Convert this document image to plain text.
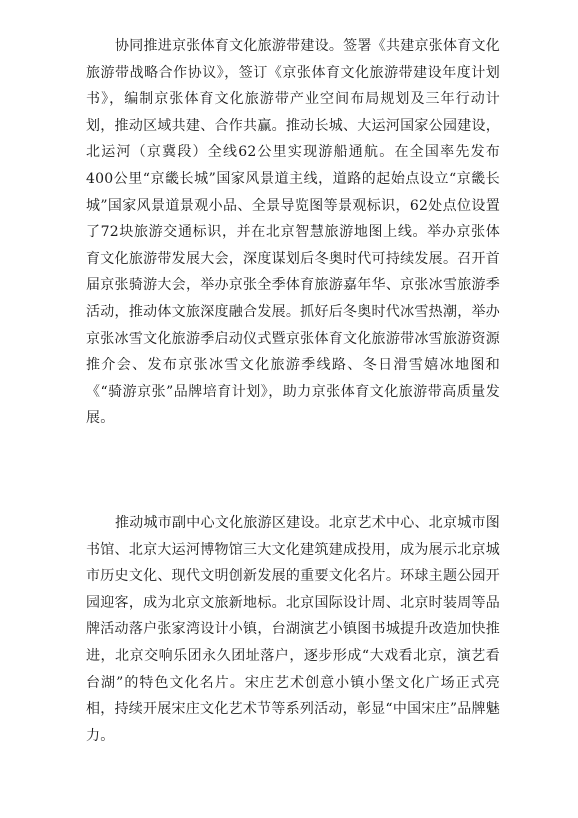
协同推进京张体育文化旅游带建设。签署《共建京张体育文化旅游带战略合作协议》，签订《京张体育文化旅游带建设年度计划书》，编制京张体育文化旅游带产业空间布局规划及三年行动计划，推动区域共建、合作共赢。推动长城、大运河国家公园建设，北运河（京冀段）全线62公里实现游船通航。在全国率先发布400公里“京畿长城”国家风景道主线，道路的起始点设立“京畿长城”国家风景道景观小品、全景导览图等景观标识，62处点位设置了72块旅游交通标识，并在北京智慧旅游地图上线。举办京张体育文化旅游带发展大会，深度谋划后冬奥时代可持续发展。召开首届京张骑游大会，举办京张全季体育旅游嘉年华、京张冰雪旅游季活动，推动体文旅深度融合发展。抓好后冬奥时代冰雪热潮，举办京张冰雪文化旅游季启动仪式暨京张体育文化旅游带冰雪旅游资源推介会、发布京张冰雪文化旅游季线路、冬日滑雪嬉冰地图和《“骑游京张”品牌培育计划》，助力京张体育文化旅游带高质量发展。

推动城市副中心文化旅游区建设。北京艺术中心、北京城市图书馆、北京大运河博物馆三大文化建筑建成投用，成为展示北京城市历史文化、现代文明创新发展的重要文化名片。环球主题公园开园迎客，成为北京文旅新地标。北京国际设计周、北京时装周等品牌活动落户张家湾设计小镇，台湖演艺小镇图书城提升改造加快推进，北京交响乐团永久团址落户，逐步形成“大戏看北京，演艺看台湖”的特色文化名片。宋庄艺术创意小镇小堡文化广场正式亮相，持续开展宋庄文化艺术节等系列活动，彰显“中国宋庄”品牌魅力。
